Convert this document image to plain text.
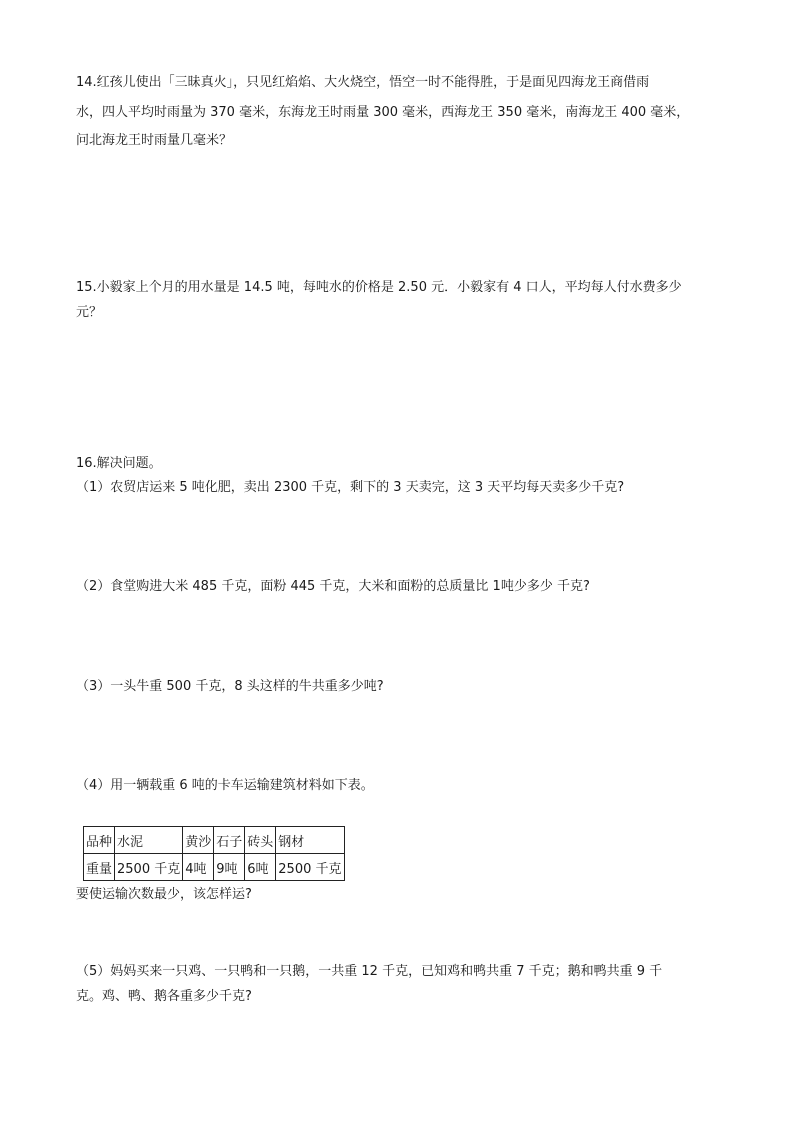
14.红孩儿使出「三昧真火」，只见红焰焰、大火烧空，悟空一时不能得胜，于是面见四海龙王商借雨
水，四人平均时雨量为 370 毫米，东海龙王时雨量 300 毫米，西海龙王 350 毫米，南海龙王 400 毫米，
问北海龙王时雨量几毫米？
15.小毅家上个月的用水量是 14.5 吨，每吨水的价格是 2.50 元．小毅家有 4 口人，平均每人付水费多少
元？
16.解决问题。
（1）农贸店运来 5 吨化肥，卖出 2300 千克，剩下的 3 天卖完，这 3 天平均每天卖多少千克?
（2）食堂购进大米 485 千克，面粉 445 千克，大米和面粉的总质量比 1吨少多少 千克?
（3）一头牛重 500 千克，8 头这样的牛共重多少吨?
（4）用一辆载重 6 吨的卡车运输建筑材料如下表。
品种	水泥	黄沙	石子	砖头	钢材
重量	2500 千克	4吨	9吨	6吨	2500 千克
要使运输次数最少，该怎样运?
（5）妈妈买来一只鸡、一只鸭和一只鹅，一共重 12 千克，已知鸡和鸭共重 7 千克；鹅和鸭共重 9 千
克。鸡、鸭、鹅各重多少千克?
